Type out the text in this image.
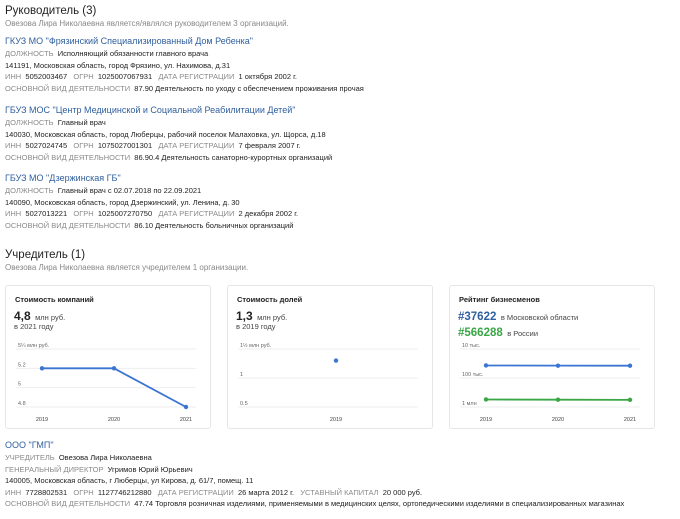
Руководитель (3)
Овезова Лира Николаевна является/являлся руководителем 3 организаций.
ГКУЗ МО "Фрязинский Специализированный Дом Ребенка"
ДОЛЖНОСТЬ Исполняющий обязанности главного врача
141191, Московская область, город Фрязино, ул. Нахимова, д.31
ИНН 5052003467 ОГРН 1025007067931 ДАТА РЕГИСТРАЦИИ 1 октября 2002 г.
ОСНОВНОЙ ВИД ДЕЯТЕЛЬНОСТИ 87.90 Деятельность по уходу с обеспечением проживания прочая
ГБУЗ МОС "Центр Медицинской и Социальной Реабилитации Детей"
ДОЛЖНОСТЬ Главный врач
140030, Московская область, город Люберцы, рабочий поселок Малаховка, ул. Щорса, д.18
ИНН 5027024745 ОГРН 1075027001301 ДАТА РЕГИСТРАЦИИ 7 февраля 2007 г.
ОСНОВНОЙ ВИД ДЕЯТЕЛЬНОСТИ 86.90.4 Деятельность санаторно-курортных организаций
ГБУЗ МО "Дзержинская ГБ"
ДОЛЖНОСТЬ Главный врач с 02.07.2018 по 22.09.2021
140090, Московская область, город Дзержинский, ул. Ленина, д. 30
ИНН 5027013221 ОГРН 1025007270750 ДАТА РЕГИСТРАЦИИ 2 декабря 2002 г.
ОСНОВНОЙ ВИД ДЕЯТЕЛЬНОСТИ 86.10 Деятельность больничных организаций
Учредитель (1)
Овезова Лира Николаевна является учредителем 1 организации.
Стоимость компаний
4,8 млн руб.
в 2021 году
5¼ млн руб.
5.2
5
4.8
2019	2020	2021
Стоимость долей
1,3 млн руб.
в 2019 году
1½ млн руб.
1
0.5
2019
Рейтинг бизнесменов
#37622 в Московской области
#566288 в России
10 тыс.
100 тыс.
1 млн
2019	2020	2021
ООО "ГМП"
УЧРЕДИТЕЛЬ Овезова Лира Николаевна
ГЕНЕРАЛЬНЫЙ ДИРЕКТОР Угримов Юрий Юрьевич
140005, Московская область, г Люберцы, ул Кирова, д. 61/7, помещ. 11
ИНН 7728802531 ОГРН 1127746212880 ДАТА РЕГИСТРАЦИИ 26 марта 2012 г. УСТАВНЫЙ КАПИТАЛ 20 000 руб.
ОСНОВНОЙ ВИД ДЕЯТЕЛЬНОСТИ 47.74 Торговля розничная изделиями, применяемыми в медицинских целях, ортопедическими изделиями в специализированных магазинах
